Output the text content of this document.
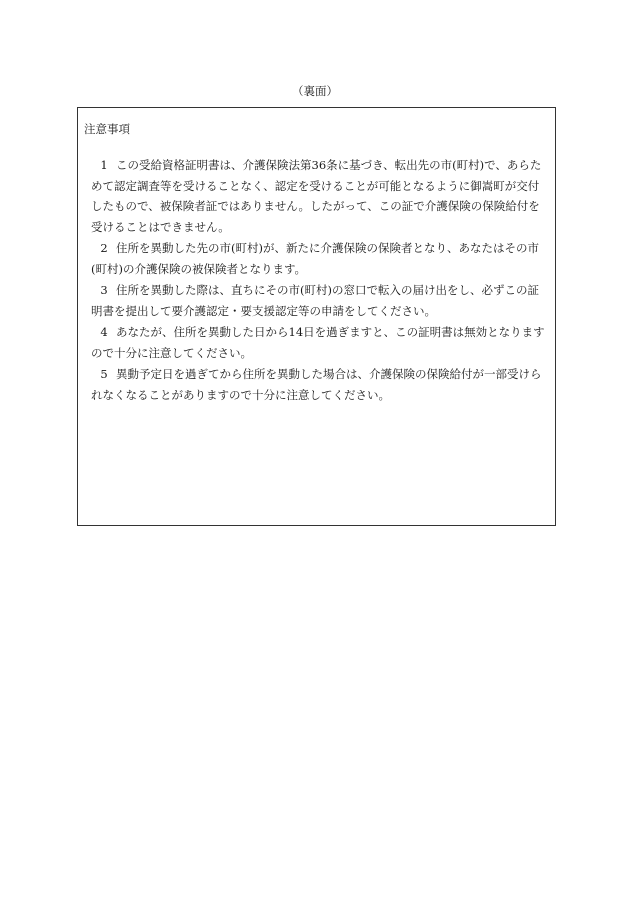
（裏面）
注意事項
1 この受給資格証明書は、介護保険法第36条に基づき、転出先の市(町村)で、あらためて認定調査等を受けることなく、認定を受けることが可能となるように御嵩町が交付したもので、被保険者証ではありません。したがって、この証で介護保険の保険給付を受けることはできません。
2 住所を異動した先の市(町村)が、新たに介護保険の保険者となり、あなたはその市(町村)の介護保険の被保険者となります。
3 住所を異動した際は、直ちにその市(町村)の窓口で転入の届け出をし、必ずこの証明書を提出して要介護認定・要支援認定等の申請をしてください。
4 あなたが、住所を異動した日から14日を過ぎますと、この証明書は無効となりますので十分に注意してください。
5 異動予定日を過ぎてから住所を異動した場合は、介護保険の保険給付が一部受けられなくなることがありますので十分に注意してください。
